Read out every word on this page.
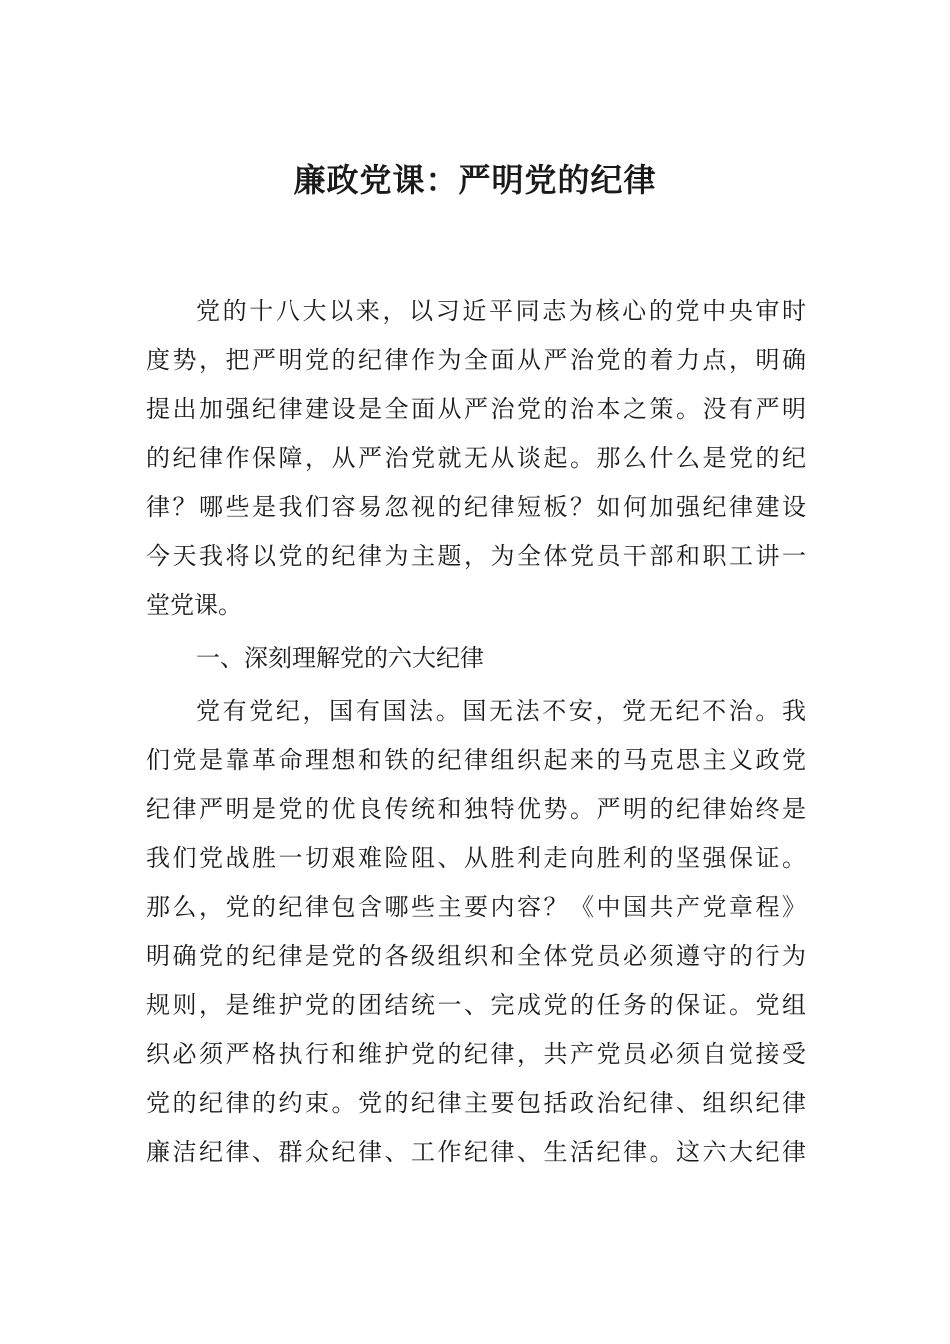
廉政党课：严明党的纪律
党的十八大以来，以习近平同志为核心的党中央审时
度势，把严明党的纪律作为全面从严治党的着力点，明确
提出加强纪律建设是全面从严治党的治本之策。没有严明
的纪律作保障，从严治党就无从谈起。那么什么是党的纪
律？哪些是我们容易忽视的纪律短板？如何加强纪律建设
今天我将以党的纪律为主题，为全体党员干部和职工讲一
堂党课。
一、深刻理解党的六大纪律
党有党纪，国有国法。国无法不安，党无纪不治。我
们党是靠革命理想和铁的纪律组织起来的马克思主义政党
纪律严明是党的优良传统和独特优势。严明的纪律始终是
我们党战胜一切艰难险阻、从胜利走向胜利的坚强保证。
那么，党的纪律包含哪些主要内容？《中国共产党章程》
明确党的纪律是党的各级组织和全体党员必须遵守的行为
规则，是维护党的团结统一、完成党的任务的保证。党组
织必须严格执行和维护党的纪律，共产党员必须自觉接受
党的纪律的约束。党的纪律主要包括政治纪律、组织纪律
廉洁纪律、群众纪律、工作纪律、生活纪律。这六大纪律
